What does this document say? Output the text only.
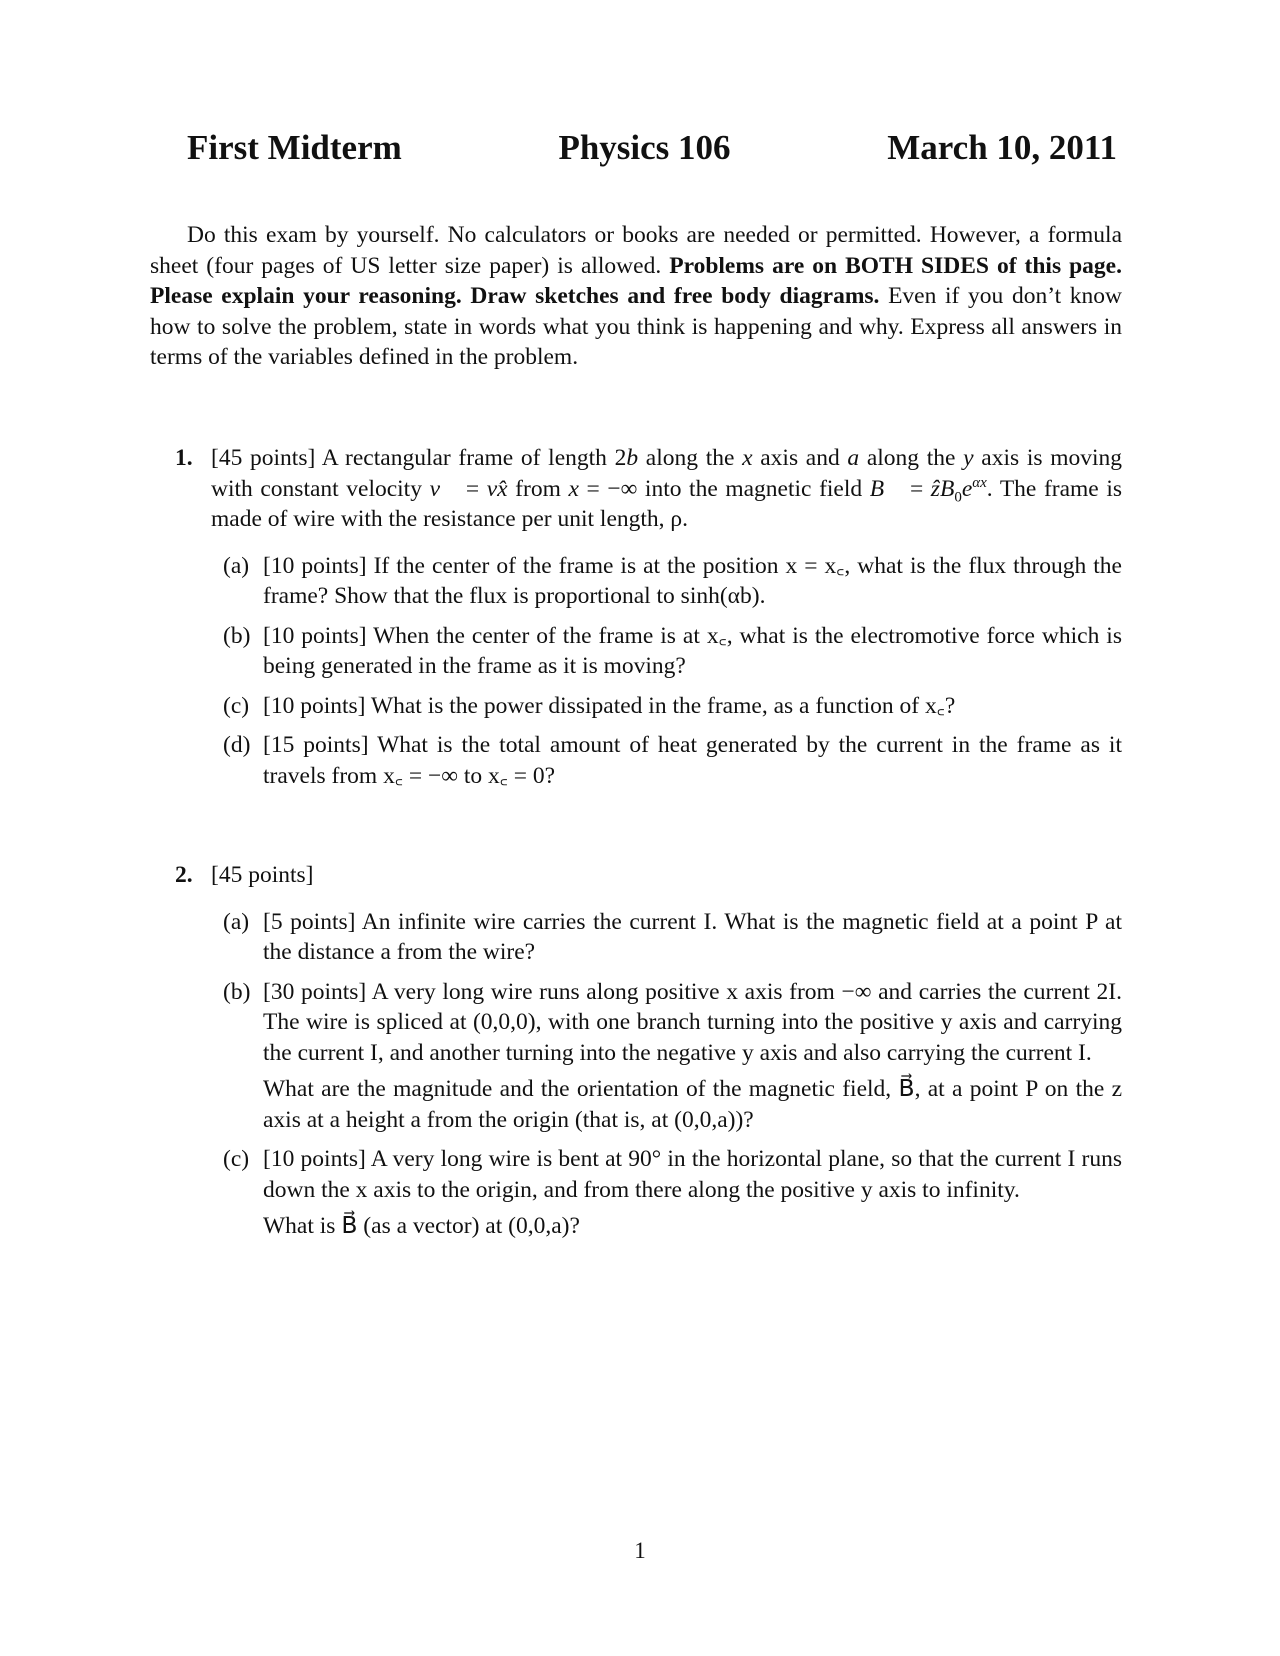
First Midterm	Physics 106	March 10, 2011
Do this exam by yourself. No calculators or books are needed or permitted. However, a formula sheet (four pages of US letter size paper) is allowed. Problems are on BOTH SIDES of this page. Please explain your reasoning. Draw sketches and free body diagrams. Even if you don’t know how to solve the problem, state in words what you think is happening and why. Express all answers in terms of the variables defined in the problem.
1. [45 points] A rectangular frame of length 2b along the x axis and a along the y axis is moving with constant velocity v⃗ = vx̂ from x = −∞ into the magnetic field B⃗ = $ẑB_0e^{\alpha x}$. The frame is made of wire with the resistance per unit length, ρ.
(a) [10 points] If the center of the frame is at the position x = x꜀, what is the flux through the frame? Show that the flux is proportional to sinh(αb).
(b) [10 points] When the center of the frame is at x꜀, what is the electromotive force which is being generated in the frame as it is moving?
(c) [10 points] What is the power dissipated in the frame, as a function of x꜀?
(d) [15 points] What is the total amount of heat generated by the current in the frame as it travels from x꜀ = −∞ to x꜀ = 0?
2. [45 points]
(a) [5 points] An infinite wire carries the current I. What is the magnetic field at a point P at the distance a from the wire?
(b) [30 points] A very long wire runs along positive x axis from −∞ and carries the current 2I. The wire is spliced at (0,0,0), with one branch turning into the positive y axis and carrying the current I, and another turning into the negative y axis and also carrying the current I.
What are the magnitude and the orientation of the magnetic field, B⃗, at a point P on the z axis at a height a from the origin (that is, at (0,0,a))?
(c) [10 points] A very long wire is bent at 90° in the horizontal plane, so that the current I runs down the x axis to the origin, and from there along the positive y axis to infinity.
What is B⃗ (as a vector) at (0,0,a)?
1
